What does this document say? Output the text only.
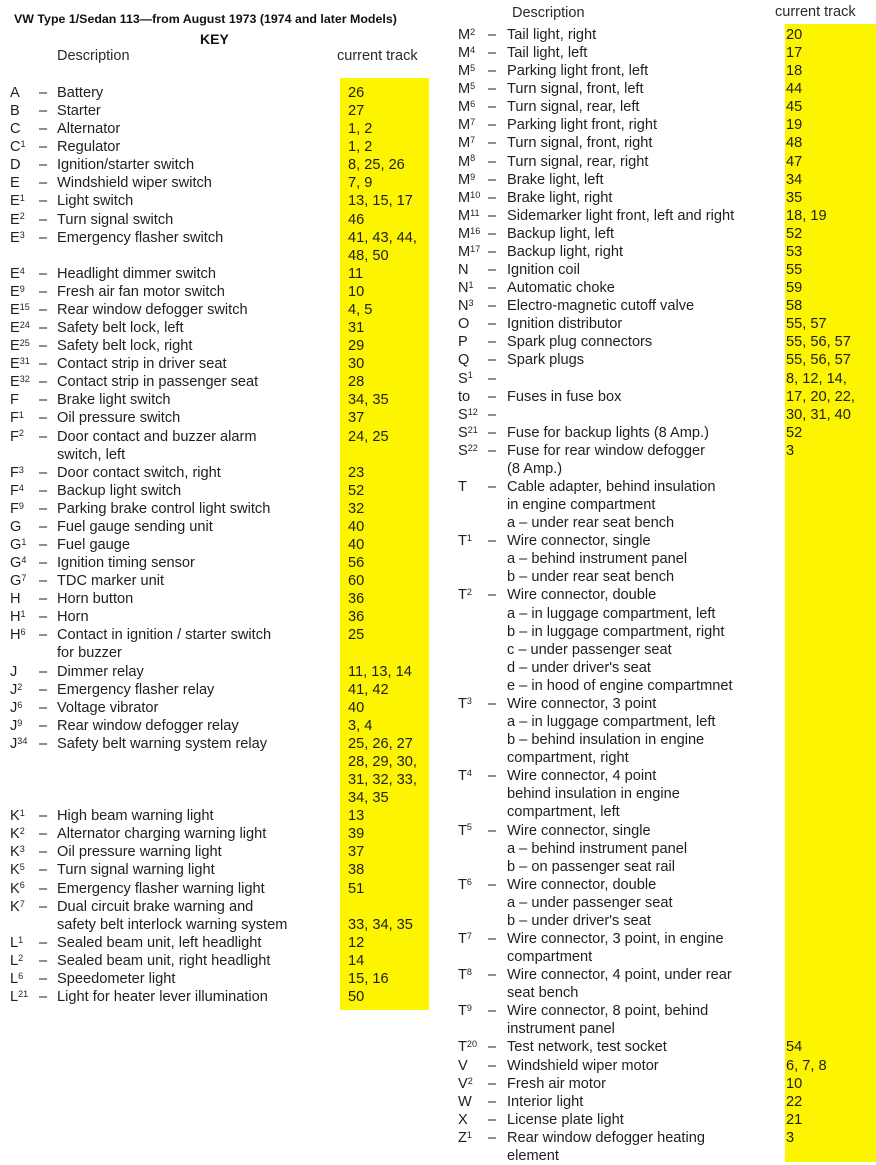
VW Type 1/Sedan 113—from August 1973 (1974 and later Models)
KEY
Description	current track
Description	current track
A – Battery	26
B – Starter	27
C – Alternator	1, 2
$C^1$ – Regulator	1, 2
D – Ignition/starter switch	8, 25, 26
E – Windshield wiper switch	7, 9
$E^1$ – Light switch	13, 15, 17
$E^2$ – Turn signal switch	46
$E^3$ – Emergency flasher switch	41, 43, 44,
48, 50
$E^4$ – Headlight dimmer switch	11
$E^9$ – Fresh air fan motor switch	10
$E^{15}$ – Rear window defogger switch	4, 5
$E^{24}$ – Safety belt lock, left	31
$E^{25}$ – Safety belt lock, right	29
$E^{31}$ – Contact strip in driver seat	30
$E^{32}$ – Contact strip in passenger seat	28
F – Brake light switch	34, 35
$F^1$ – Oil pressure switch	37
$F^2$ – Door contact and buzzer alarm	24, 25
switch, left
$F^3$ – Door contact switch, right	23
$F^4$ – Backup light switch	52
$F^9$ – Parking brake control light switch	32
G – Fuel gauge sending unit	40
$G^1$ – Fuel gauge	40
$G^4$ – Ignition timing sensor	56
$G^7$ – TDC marker unit	60
H – Horn button	36
$H^1$ – Horn	36
$H^6$ – Contact in ignition / starter switch	25
for buzzer
J – Dimmer relay	11, 13, 14
$J^2$ – Emergency flasher relay	41, 42
$J^6$ – Voltage vibrator	40
$J^9$ – Rear window defogger relay	3, 4
$J^{34}$ – Safety belt warning system relay	25, 26, 27
28, 29, 30,
31, 32, 33,
34, 35
$K^1$ – High beam warning light	13
$K^2$ – Alternator charging warning light	39
$K^3$ – Oil pressure warning light	37
$K^5$ – Turn signal warning light	38
$K^6$ – Emergency flasher warning light	51
$K^7$ – Dual circuit brake warning and
safety belt interlock warning system	33, 34, 35
$L^1$ – Sealed beam unit, left headlight	12
$L^2$ – Sealed beam unit, right headlight	14
$L^6$ – Speedometer light	15, 16
$L^{21}$ – Light for heater lever illumination	50
$M^2$ – Tail light, right	20
$M^4$ – Tail light, left	17
$M^5$ – Parking light front, left	18
$M^5$ – Turn signal, front, left	44
$M^6$ – Turn signal, rear, left	45
$M^7$ – Parking light front, right	19
$M^7$ – Turn signal, front, right	48
$M^8$ – Turn signal, rear, right	47
$M^9$ – Brake light, left	34
$M^{10}$ – Brake light, right	35
$M^{11}$ – Sidemarker light front, left and right	18, 19
$M^{16}$ – Backup light, left	52
$M^{17}$ – Backup light, right	53
N – Ignition coil	55
$N^1$ – Automatic choke	59
$N^3$ – Electro-magnetic cutoff valve	58
O – Ignition distributor	55, 57
P – Spark plug connectors	55, 56, 57
Q – Spark plugs	55, 56, 57
$S^1$ –	8, 12, 14,
to – Fuses in fuse box	17, 20, 22,
$S^{12}$ –	30, 31, 40
$S^{21}$ – Fuse for backup lights (8 Amp.)	52
$S^{22}$ – Fuse for rear window defogger	3
(8 Amp.)
T – Cable adapter, behind insulation
in engine compartment
a – under rear seat bench
$T^1$ – Wire connector, single
a – behind instrument panel
b – under rear seat bench
$T^2$ – Wire connector, double
a – in luggage compartment, left
b – in luggage compartment, right
c – under passenger seat
d – under driver's seat
e – in hood of engine compartmnet
$T^3$ – Wire connector, 3 point
a – in luggage compartment, left
b – behind insulation in engine
compartment, right
$T^4$ – Wire connector, 4 point
behind insulation in engine
compartment, left
$T^5$ – Wire connector, single
a – behind instrument panel
b – on passenger seat rail
$T^6$ – Wire connector, double
a – under passenger seat
b – under driver's seat
$T^7$ – Wire connector, 3 point, in engine
compartment
$T^8$ – Wire connector, 4 point, under rear
seat bench
$T^9$ – Wire connector, 8 point, behind
instrument panel
$T^{20}$ – Test network, test socket	54
V – Windshield wiper motor	6, 7, 8
$V^2$ – Fresh air motor	10
W – Interior light	22
X – License plate light	21
$Z^1$ – Rear window defogger heating	3
element
